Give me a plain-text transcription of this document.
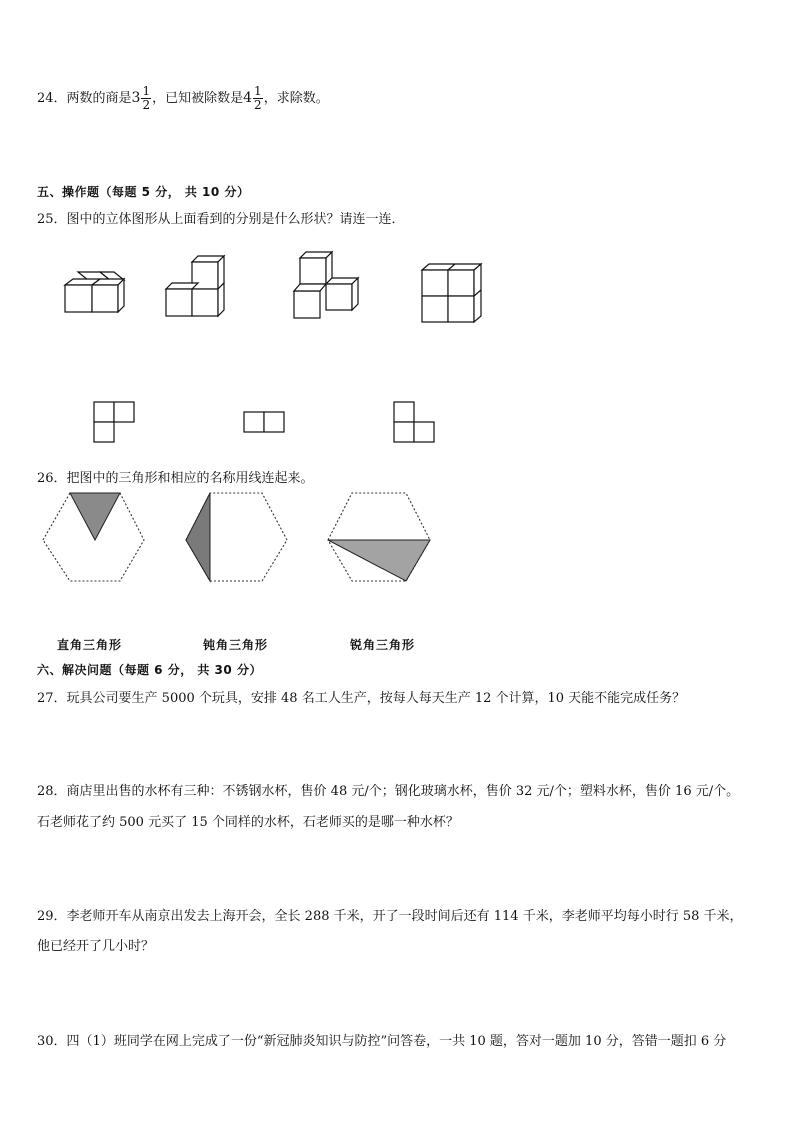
24．两数的商是$3 \frac{1}{2}$ ，已知被除数是$4 \frac{1}{2}$ ，求除数。
五、操作题（每题 5 分， 共 10 分）
25．图中的立体图形从上面看到的分别是什么形状？请连一连．
26．把图中的三角形和相应的名称用线连起来。
直角三角形	钝角三角形	锐角三角形
六、解决问题（每题 6 分， 共 30 分）
27．玩具公司要生产 5000 个玩具，安排 48 名工人生产，按每人每天生产 12 个计算，10 天能不能完成任务？
28．商店里出售的水杯有三种：不锈钢水杯，售价 48 元/个；钢化玻璃水杯，售价 32 元/个；塑料水杯，售价 16 元/个。
石老师花了约 500 元买了 15 个同样的水杯，石老师买的是哪一种水杯？
29．李老师开车从南京出发去上海开会，全长 288 千米，开了一段时间后还有 114 千米，李老师平均每小时行 58 千米，
他已经开了几小时？
30．四（1）班同学在网上完成了一份“新冠肺炎知识与防控”问答卷，一共 10 题，答对一题加 10 分，答错一题扣 6 分
